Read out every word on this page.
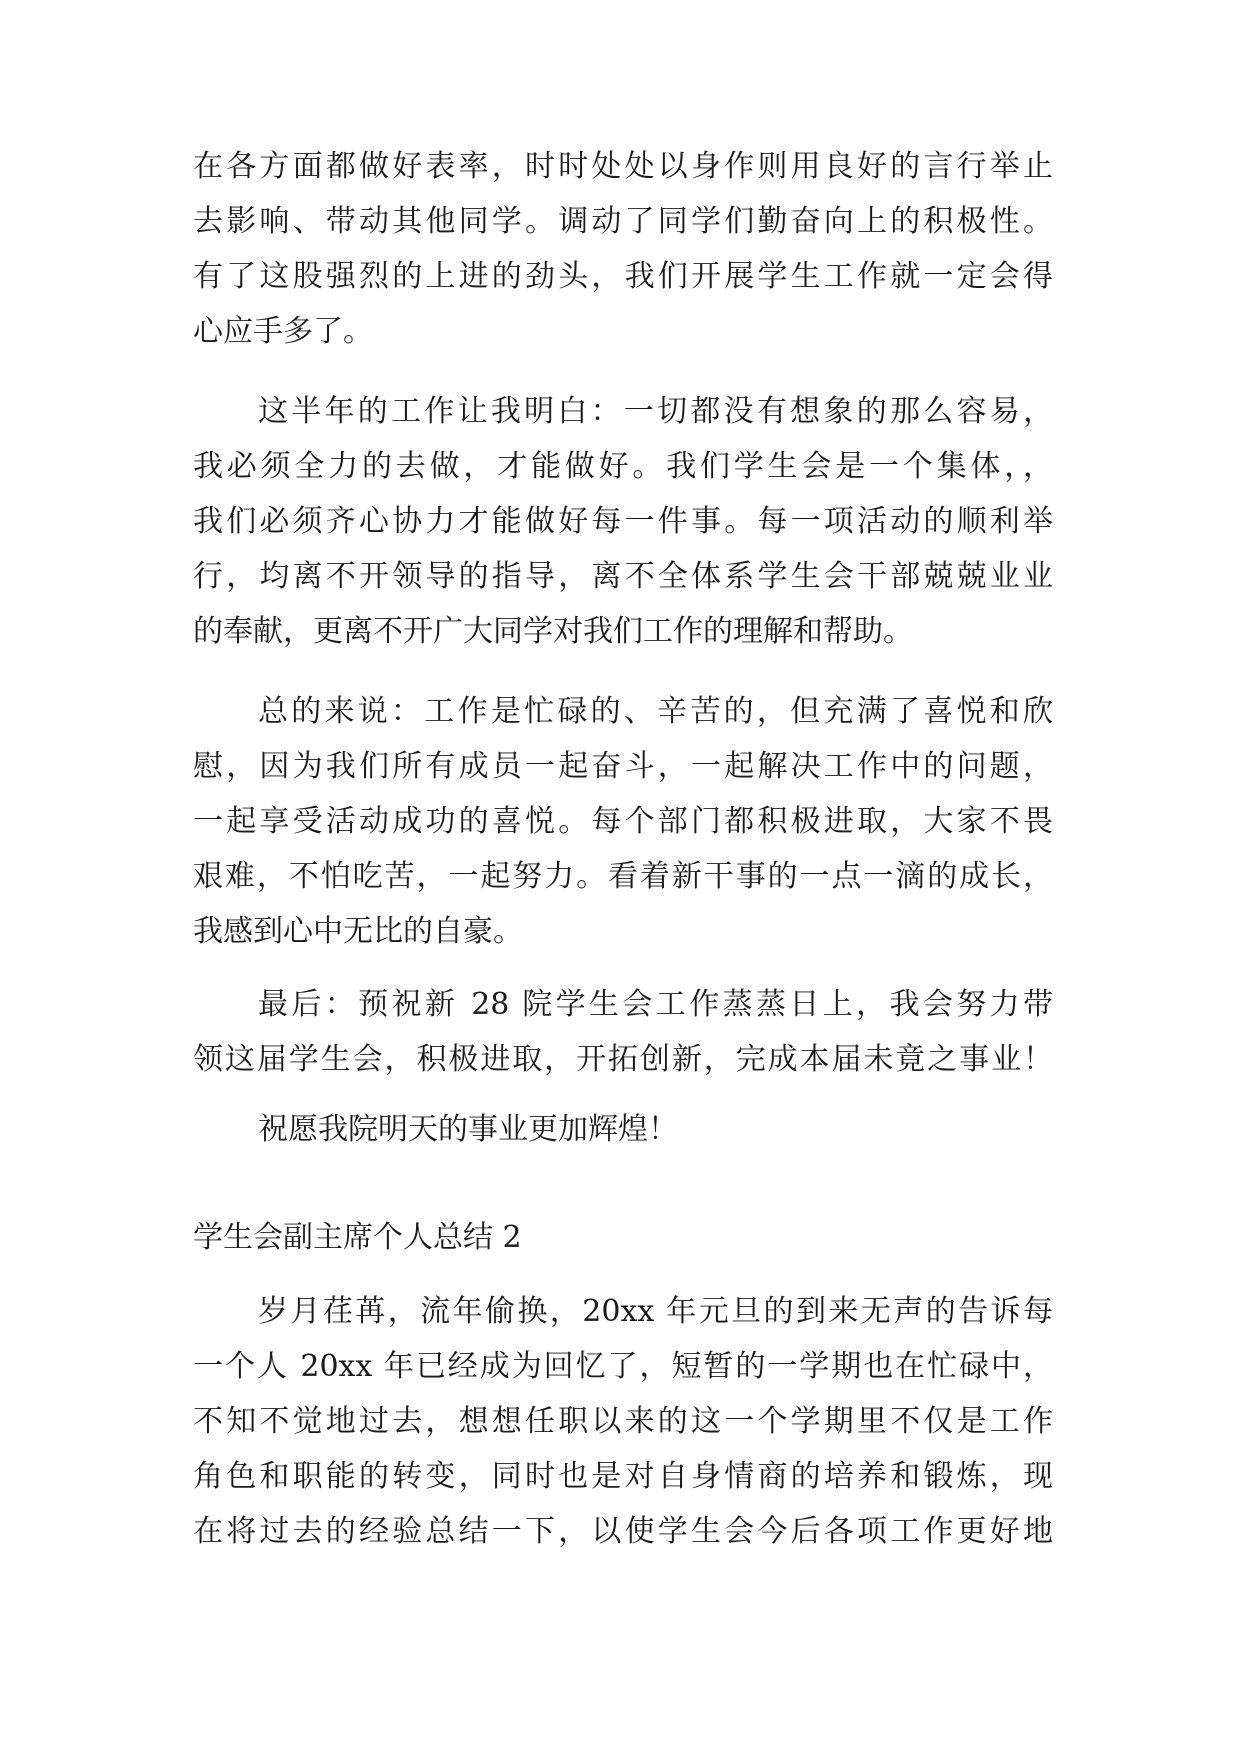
在各方面都做好表率，时时处处以身作则用良好的言行举止

去影响、带动其他同学。调动了同学们勤奋向上的积极性。

有了这股强烈的上进的劲头，我们开展学生工作就一定会得

心应手多了。

这半年的工作让我明白：一切都没有想象的那么容易，

我必须全力的去做，才能做好。我们学生会是一个集体，，

我们必须齐心协力才能做好每一件事。每一项活动的顺利举

行，均离不开领导的指导，离不全体系学生会干部兢兢业业

的奉献，更离不开广大同学对我们工作的理解和帮助。

总的来说：工作是忙碌的、辛苦的，但充满了喜悦和欣

慰，因为我们所有成员一起奋斗，一起解决工作中的问题，

一起享受活动成功的喜悦。每个部门都积极进取，大家不畏

艰难，不怕吃苦，一起努力。看着新干事的一点一滴的成长，

我感到心中无比的自豪。

最后：预祝新 28 院学生会工作蒸蒸日上，我会努力带

领这届学生会，积极进取，开拓创新，完成本届未竟之事业！

祝愿我院明天的事业更加辉煌！

学生会副主席个人总结 2

岁月荏苒，流年偷换，20xx 年元旦的到来无声的告诉每

一个人 20xx 年已经成为回忆了，短暂的一学期也在忙碌中，

不知不觉地过去，想想任职以来的这一个学期里不仅是工作

角色和职能的转变，同时也是对自身情商的培养和锻炼，现

在将过去的经验总结一下，以使学生会今后各项工作更好地
